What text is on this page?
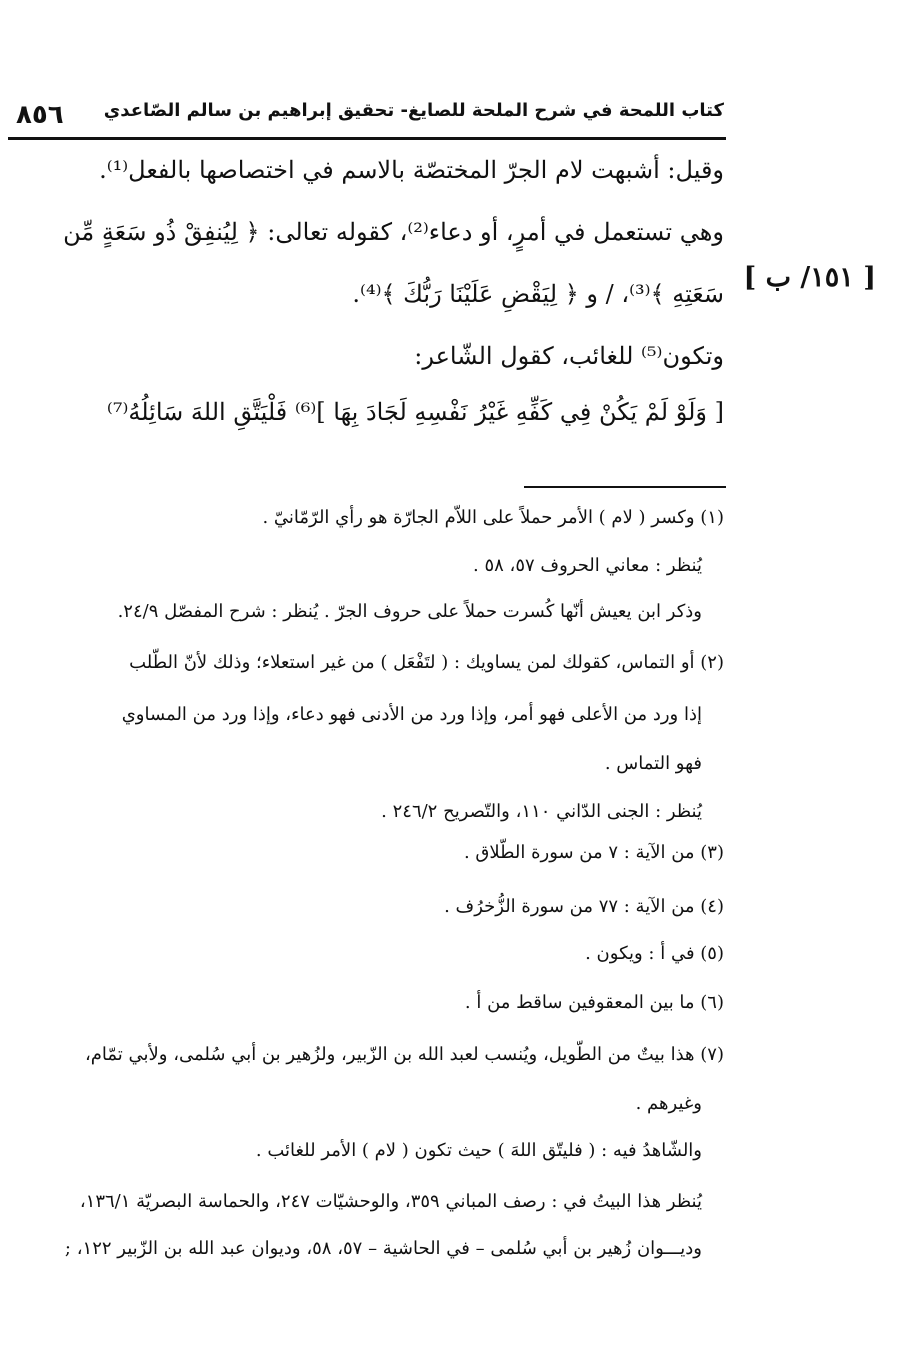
٨٥٦ كتاب اللمحة في شرح الملحة للصايغ- تحقيق إبراهيم بن سالم الصّاعدي
[ ١٥١/ ب ]
وقيل: أشبهت لام الجرّ المختصّة بالاسم في اختصاصها بالفعل⁽¹⁾.
وهي تستعمل في أمرٍ، أو دعاء⁽²⁾، كقوله تعالى: ﴿ لِيُنفِقْ ذُو سَعَةٍ مِّن
سَعَتِهِ ﴾⁽³⁾، / و ﴿ لِيَقْضِ عَلَيْنَا رَبُّكَ ﴾⁽⁴⁾.
وتكون⁽⁵⁾ للغائب، كقول الشّاعر:
[ وَلَوْ لَمْ يَكُنْ فِي كَفِّهِ غَيْرُ نَفْسِهِ لَجَادَ بِهَا ]⁽⁶⁾ فَلْيَتَّقِ اللهَ سَائِلُهُ⁽⁷⁾
(١) وكسر ( لام ) الأمر حملاً على اللاّم الجارّة هو رأي الرّمّانيّ .
يُنظر : معاني الحروف ٥٧، ٥٨ .
وذكر ابن يعيش أنّها كُسرت حملاً على حروف الجرّ . يُنظر : شرح المفصّل ٢٤/٩.
(٢) أو التماس، كقولك لمن يساويك : ( لتَفْعَل ) من غير استعلاء؛ وذلك لأنّ الطّلب
إذا ورد من الأعلى فهو أمر، وإذا ورد من الأدنى فهو دعاء، وإذا ورد من المساوي
فهو التماس .
يُنظر : الجنى الدّاني ١١٠، والتّصريح ٢٤٦/٢ .
(٣) من الآية : ٧ من سورة الطّلاق .
(٤) من الآية : ٧٧ من سورة الزُّخرُف .
(٥) في أ : ويكون .
(٦) ما بين المعقوفين ساقط من أ .
(٧) هذا بيتٌ من الطّويل، ويُنسب لعبد الله بن الزّبير، ولزُهير بن أبي سُلمى، ولأبي تمّام،
وغيرهم .
والشّاهدُ فيه : ( فليتّق اللهَ ) حيث تكون ( لام ) الأمر للغائب .
يُنظر هذا البيتُ في : رصف المباني ٣٥٩، والوحشيّات ٢٤٧، والحماسة البصريّة ١٣٦/١،
وديـــوان زُهير بن أبي سُلمى – في الحاشية – ٥٧، ٥٨، وديوان عبد الله بن الزّبير ١٢٢، ;
